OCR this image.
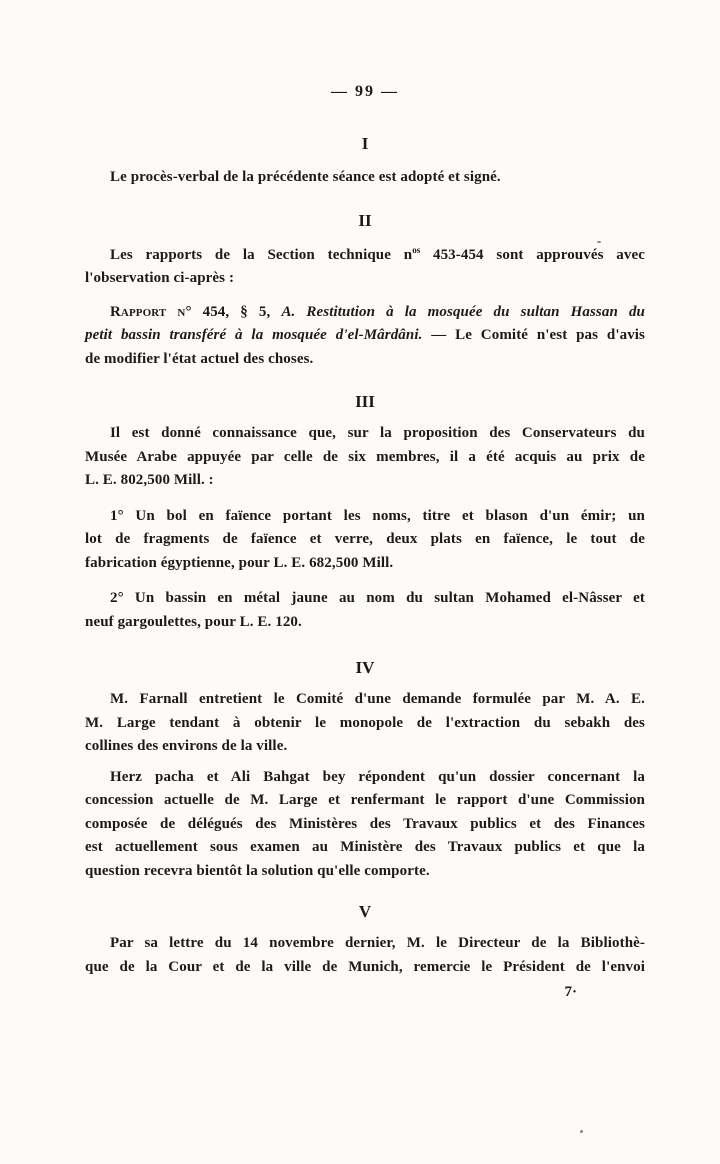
— 99 —
I
Le procès-verbal de la précédente séance est adopté et signé.
II
Les rapports de la Section technique $n^{os}$ 453-454 sont approuvés avec
l'observation ci-après :
Rapport n° 454, § 5, A. Restitution à la mosquée du sultan Hassan du
petit bassin transféré à la mosquée d'el-Mârdâni. — Le Comité n'est pas d'avis
de modifier l'état actuel des choses.
III
Il est donné connaissance que, sur la proposition des Conservateurs du
Musée Arabe appuyée par celle de six membres, il a été acquis au prix de
L. E. 802,500 Mill. :
1° Un bol en faïence portant les noms, titre et blason d'un émir; un
lot de fragments de faïence et verre, deux plats en faïence, le tout de
fabrication égyptienne, pour L. E. 682,500 Mill.
2° Un bassin en métal jaune au nom du sultan Mohamed el-Nâsser et
neuf gargoulettes, pour L. E. 120.
IV
M. Farnall entretient le Comité d'une demande formulée par M. A. E.
M. Large tendant à obtenir le monopole de l'extraction du sebakh des
collines des environs de la ville.
Herz pacha et Ali Bahgat bey répondent qu'un dossier concernant la
concession actuelle de M. Large et renfermant le rapport d'une Commission
composée de délégués des Ministères des Travaux publics et des Finances
est actuellement sous examen au Ministère des Travaux publics et que la
question recevra bientôt la solution qu'elle comporte.
V
Par sa lettre du 14 novembre dernier, M. le Directeur de la Bibliothè-
que de la Cour et de la ville de Munich, remercie le Président de l'envoi
7·
